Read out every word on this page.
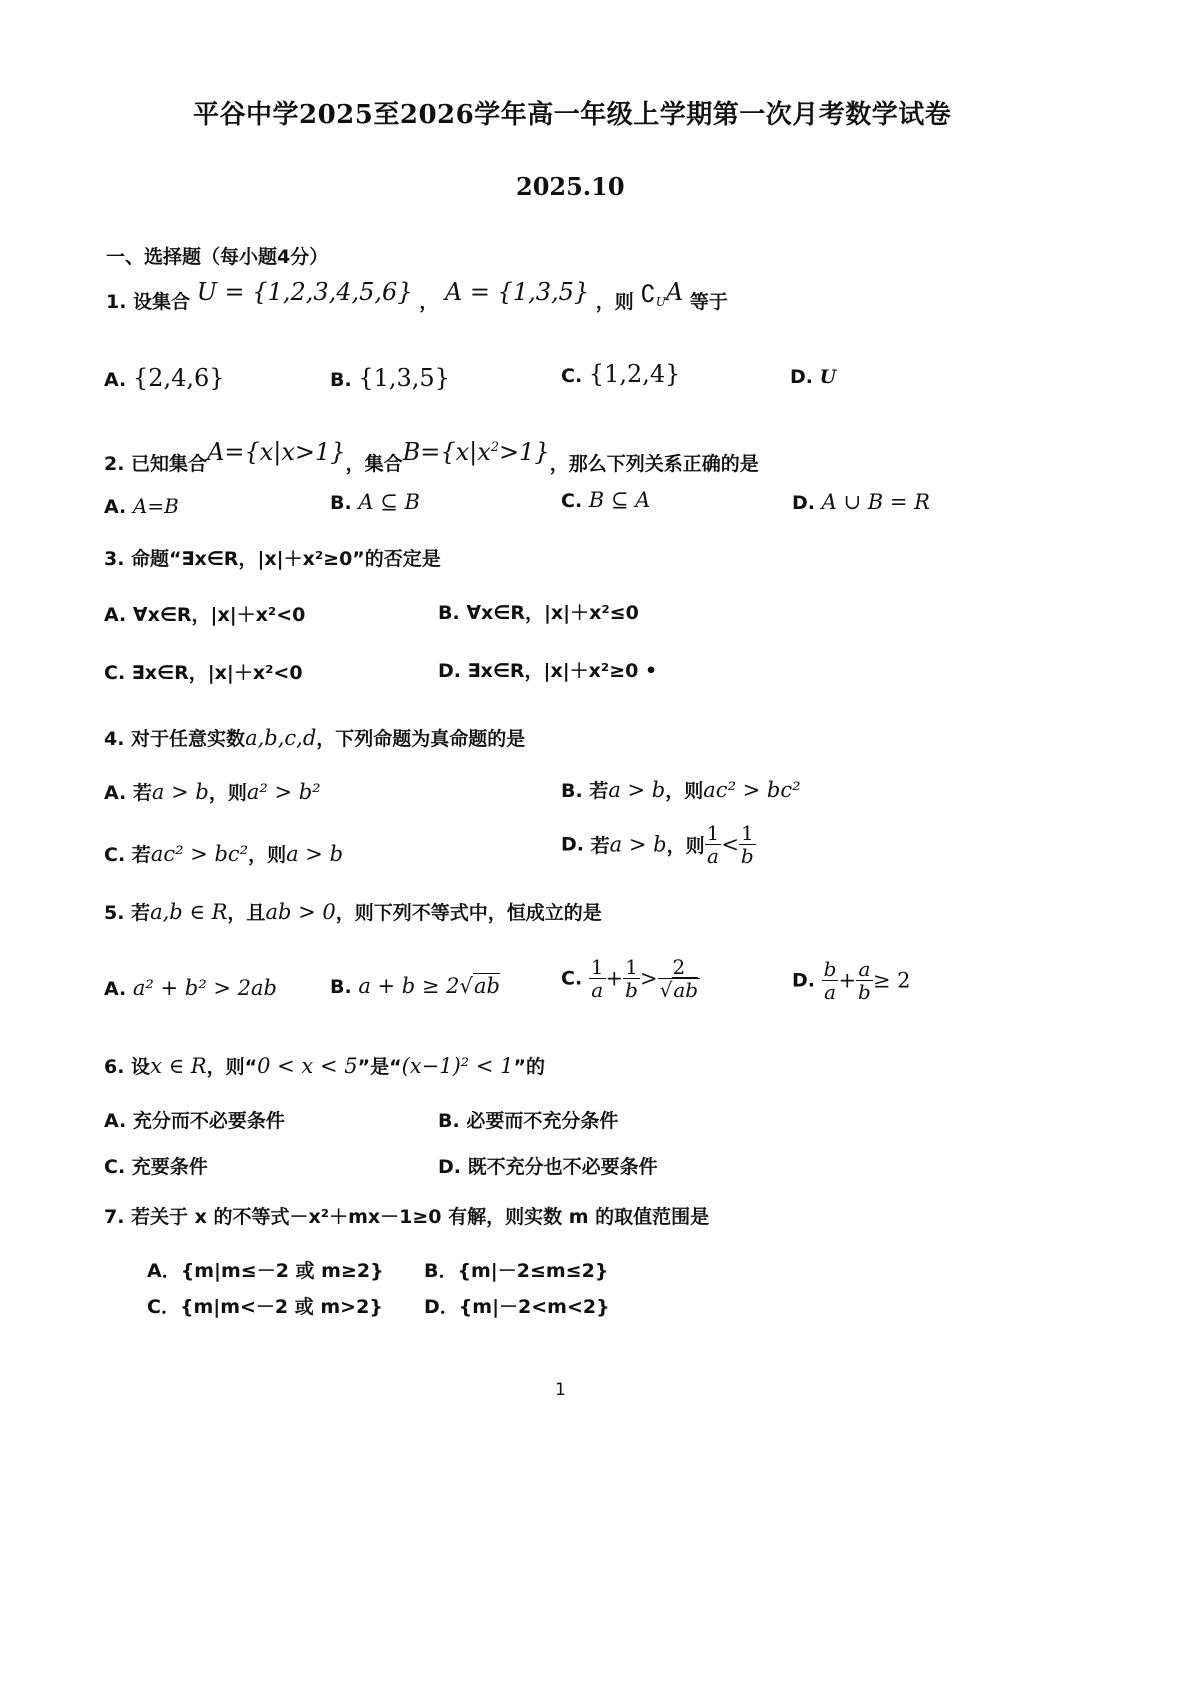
平谷中学2025至2026学年高一年级上学期第一次月考数学试卷
2025.10
一、选择题（每小题4分）
1. 设集合 U = {1,2,3,4,5,6} ， A = {1,3,5} ，则 ∁UA 等于
A. {2,4,6}	B. {1,3,5}	C. {1,2,4}	D. U
2. 已知集合A={x|x>1}，集合$B=\{x|x^2>1\}$，那么下列关系正确的是
A. A=B	B. A ⊆ B	C. B ⊆ A	D. A ∪ B = R
3. 命题“∃x∈R，|x|＋x²≥0”的否定是
A. ∀x∈R，|x|＋x²<0	B. ∀x∈R，|x|＋x²≤0
C. ∃x∈R，|x|＋x²<0	D. ∃x∈R，|x|＋x²≥0 •
4. 对于任意实数a,b,c,d，下列命题为真命题的是
A. 若a > b，则a² > b²	B. 若a > b，则ac² > bc²
C. 若ac² > bc²，则a > b	D. 若a > b，则 $\frac{1}{a} < \frac{1}{b}$
5. 若a,b ∈ R，且ab > 0，则下列不等式中，恒成立的是
A. a² + b² > 2ab	B. a + b ≥ 2√ab	C. $\frac{1}{a} + \frac{1}{b} > \frac{2}{√ab}$	D. $\frac{b}{a} + \frac{a}{b} \ge 2$
6. 设x ∈ R，则“0 < x < 5”是“(x−1)² < 1”的
A. 充分而不必要条件	B. 必要而不充分条件
C. 充要条件	D. 既不充分也不必要条件
7. 若关于 x 的不等式－x²＋mx－1≥0 有解，则实数 m 的取值范围是
A．{m|m≤－2 或 m≥2} B．{m|－2≤m≤2}
C．{m|m<－2 或 m>2} D．{m|－2<m<2}
1
